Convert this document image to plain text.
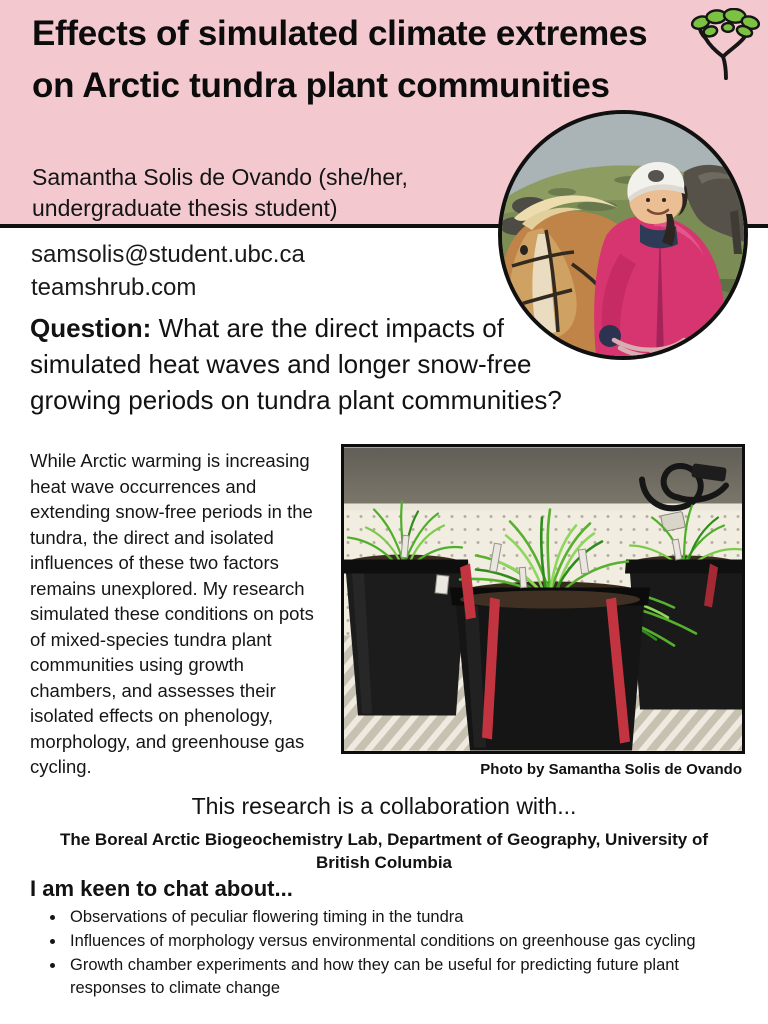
Effects of simulated climate extremes on Arctic tundra plant communities
Samantha Solis de Ovando (she/her, undergraduate thesis student)
samsolis@student.ubc.ca
teamshrub.com
Question: What are the direct impacts of simulated heat waves and longer snow-free growing periods on tundra plant communities?
While Arctic warming is increasing heat wave occurrences and extending snow-free periods in the tundra, the direct and isolated influences of these two factors remains unexplored. My research simulated these conditions on pots of mixed-species tundra plant communities using growth chambers, and assesses their isolated effects on phenology, morphology, and greenhouse gas cycling.	Photo by Samantha Solis de Ovando
This research is a collaboration with...
The Boreal Arctic Biogeochemistry Lab, Department of Geography, University of British Columbia
I am keen to chat about...
• Observations of peculiar flowering timing in the tundra
• Influences of morphology versus environmental conditions on greenhouse gas cycling
• Growth chamber experiments and how they can be useful for predicting future plant responses to climate change
